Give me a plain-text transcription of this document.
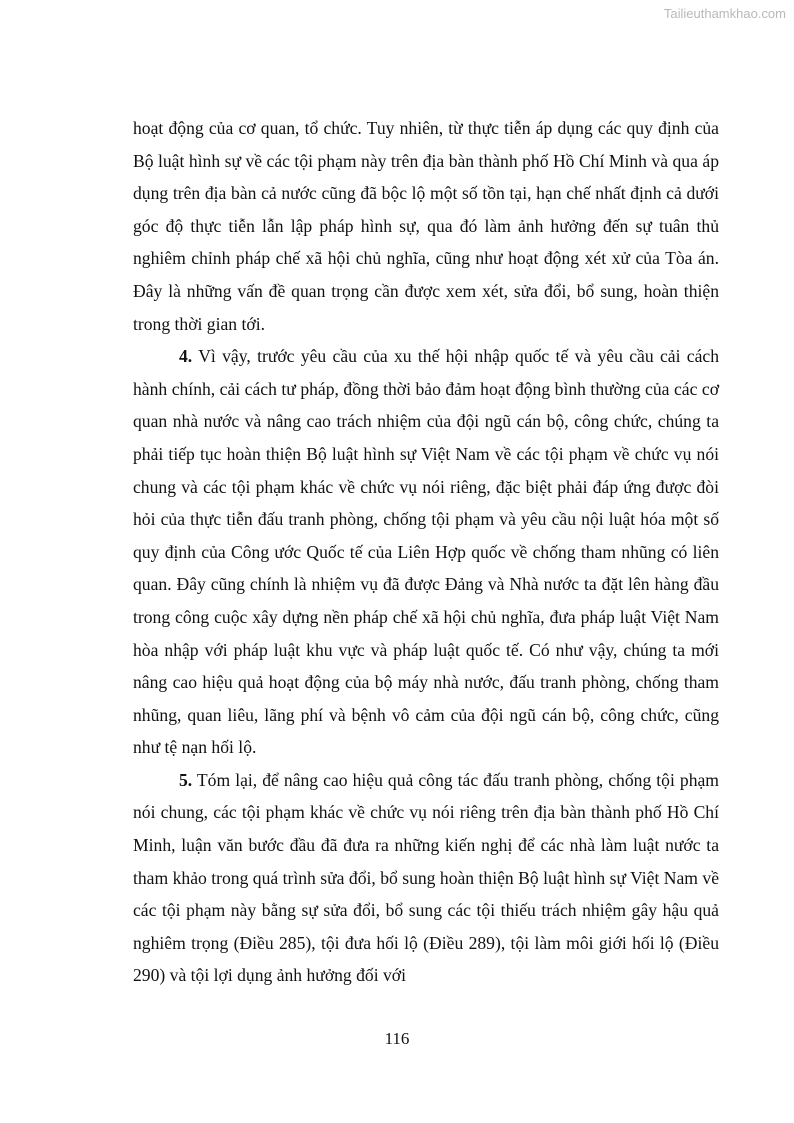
Tailieuthamkhao.com

hoạt động của cơ quan, tổ chức. Tuy nhiên, từ thực tiễn áp dụng các quy định của Bộ luật hình sự về các tội phạm này trên địa bàn thành phố Hồ Chí Minh và qua áp dụng trên địa bàn cả nước cũng đã bộc lộ một số tồn tại, hạn chế nhất định cả dưới góc độ thực tiễn lẫn lập pháp hình sự, qua đó làm ảnh hưởng đến sự tuân thủ nghiêm chỉnh pháp chế xã hội chủ nghĩa, cũng như hoạt động xét xử của Tòa án. Đây là những vấn đề quan trọng cần được xem xét, sửa đổi, bổ sung, hoàn thiện trong thời gian tới.

4. Vì vậy, trước yêu cầu của xu thế hội nhập quốc tế và yêu cầu cải cách hành chính, cải cách tư pháp, đồng thời bảo đảm hoạt động bình thường của các cơ quan nhà nước và nâng cao trách nhiệm của đội ngũ cán bộ, công chức, chúng ta phải tiếp tục hoàn thiện Bộ luật hình sự Việt Nam về các tội phạm về chức vụ nói chung và các tội phạm khác về chức vụ nói riêng, đặc biệt phải đáp ứng được đòi hỏi của thực tiễn đấu tranh phòng, chống tội phạm và yêu cầu nội luật hóa một số quy định của Công ước Quốc tế của Liên Hợp quốc về chống tham nhũng có liên quan. Đây cũng chính là nhiệm vụ đã được Đảng và Nhà nước ta đặt lên hàng đầu trong công cuộc xây dựng nền pháp chế xã hội chủ nghĩa, đưa pháp luật Việt Nam hòa nhập với pháp luật khu vực và pháp luật quốc tế. Có như vậy, chúng ta mới nâng cao hiệu quả hoạt động của bộ máy nhà nước, đấu tranh phòng, chống tham nhũng, quan liêu, lãng phí và bệnh vô cảm của đội ngũ cán bộ, công chức, cũng như tệ nạn hối lộ.

5. Tóm lại, để nâng cao hiệu quả công tác đấu tranh phòng, chống tội phạm nói chung, các tội phạm khác về chức vụ nói riêng trên địa bàn thành phố Hồ Chí Minh, luận văn bước đầu đã đưa ra những kiến nghị để các nhà làm luật nước ta tham khảo trong quá trình sửa đổi, bổ sung hoàn thiện Bộ luật hình sự Việt Nam về các tội phạm này bằng sự sửa đổi, bổ sung các tội thiếu trách nhiệm gây hậu quả nghiêm trọng (Điều 285), tội đưa hối lộ (Điều 289), tội làm môi giới hối lộ (Điều 290) và tội lợi dụng ảnh hưởng đối với

116
